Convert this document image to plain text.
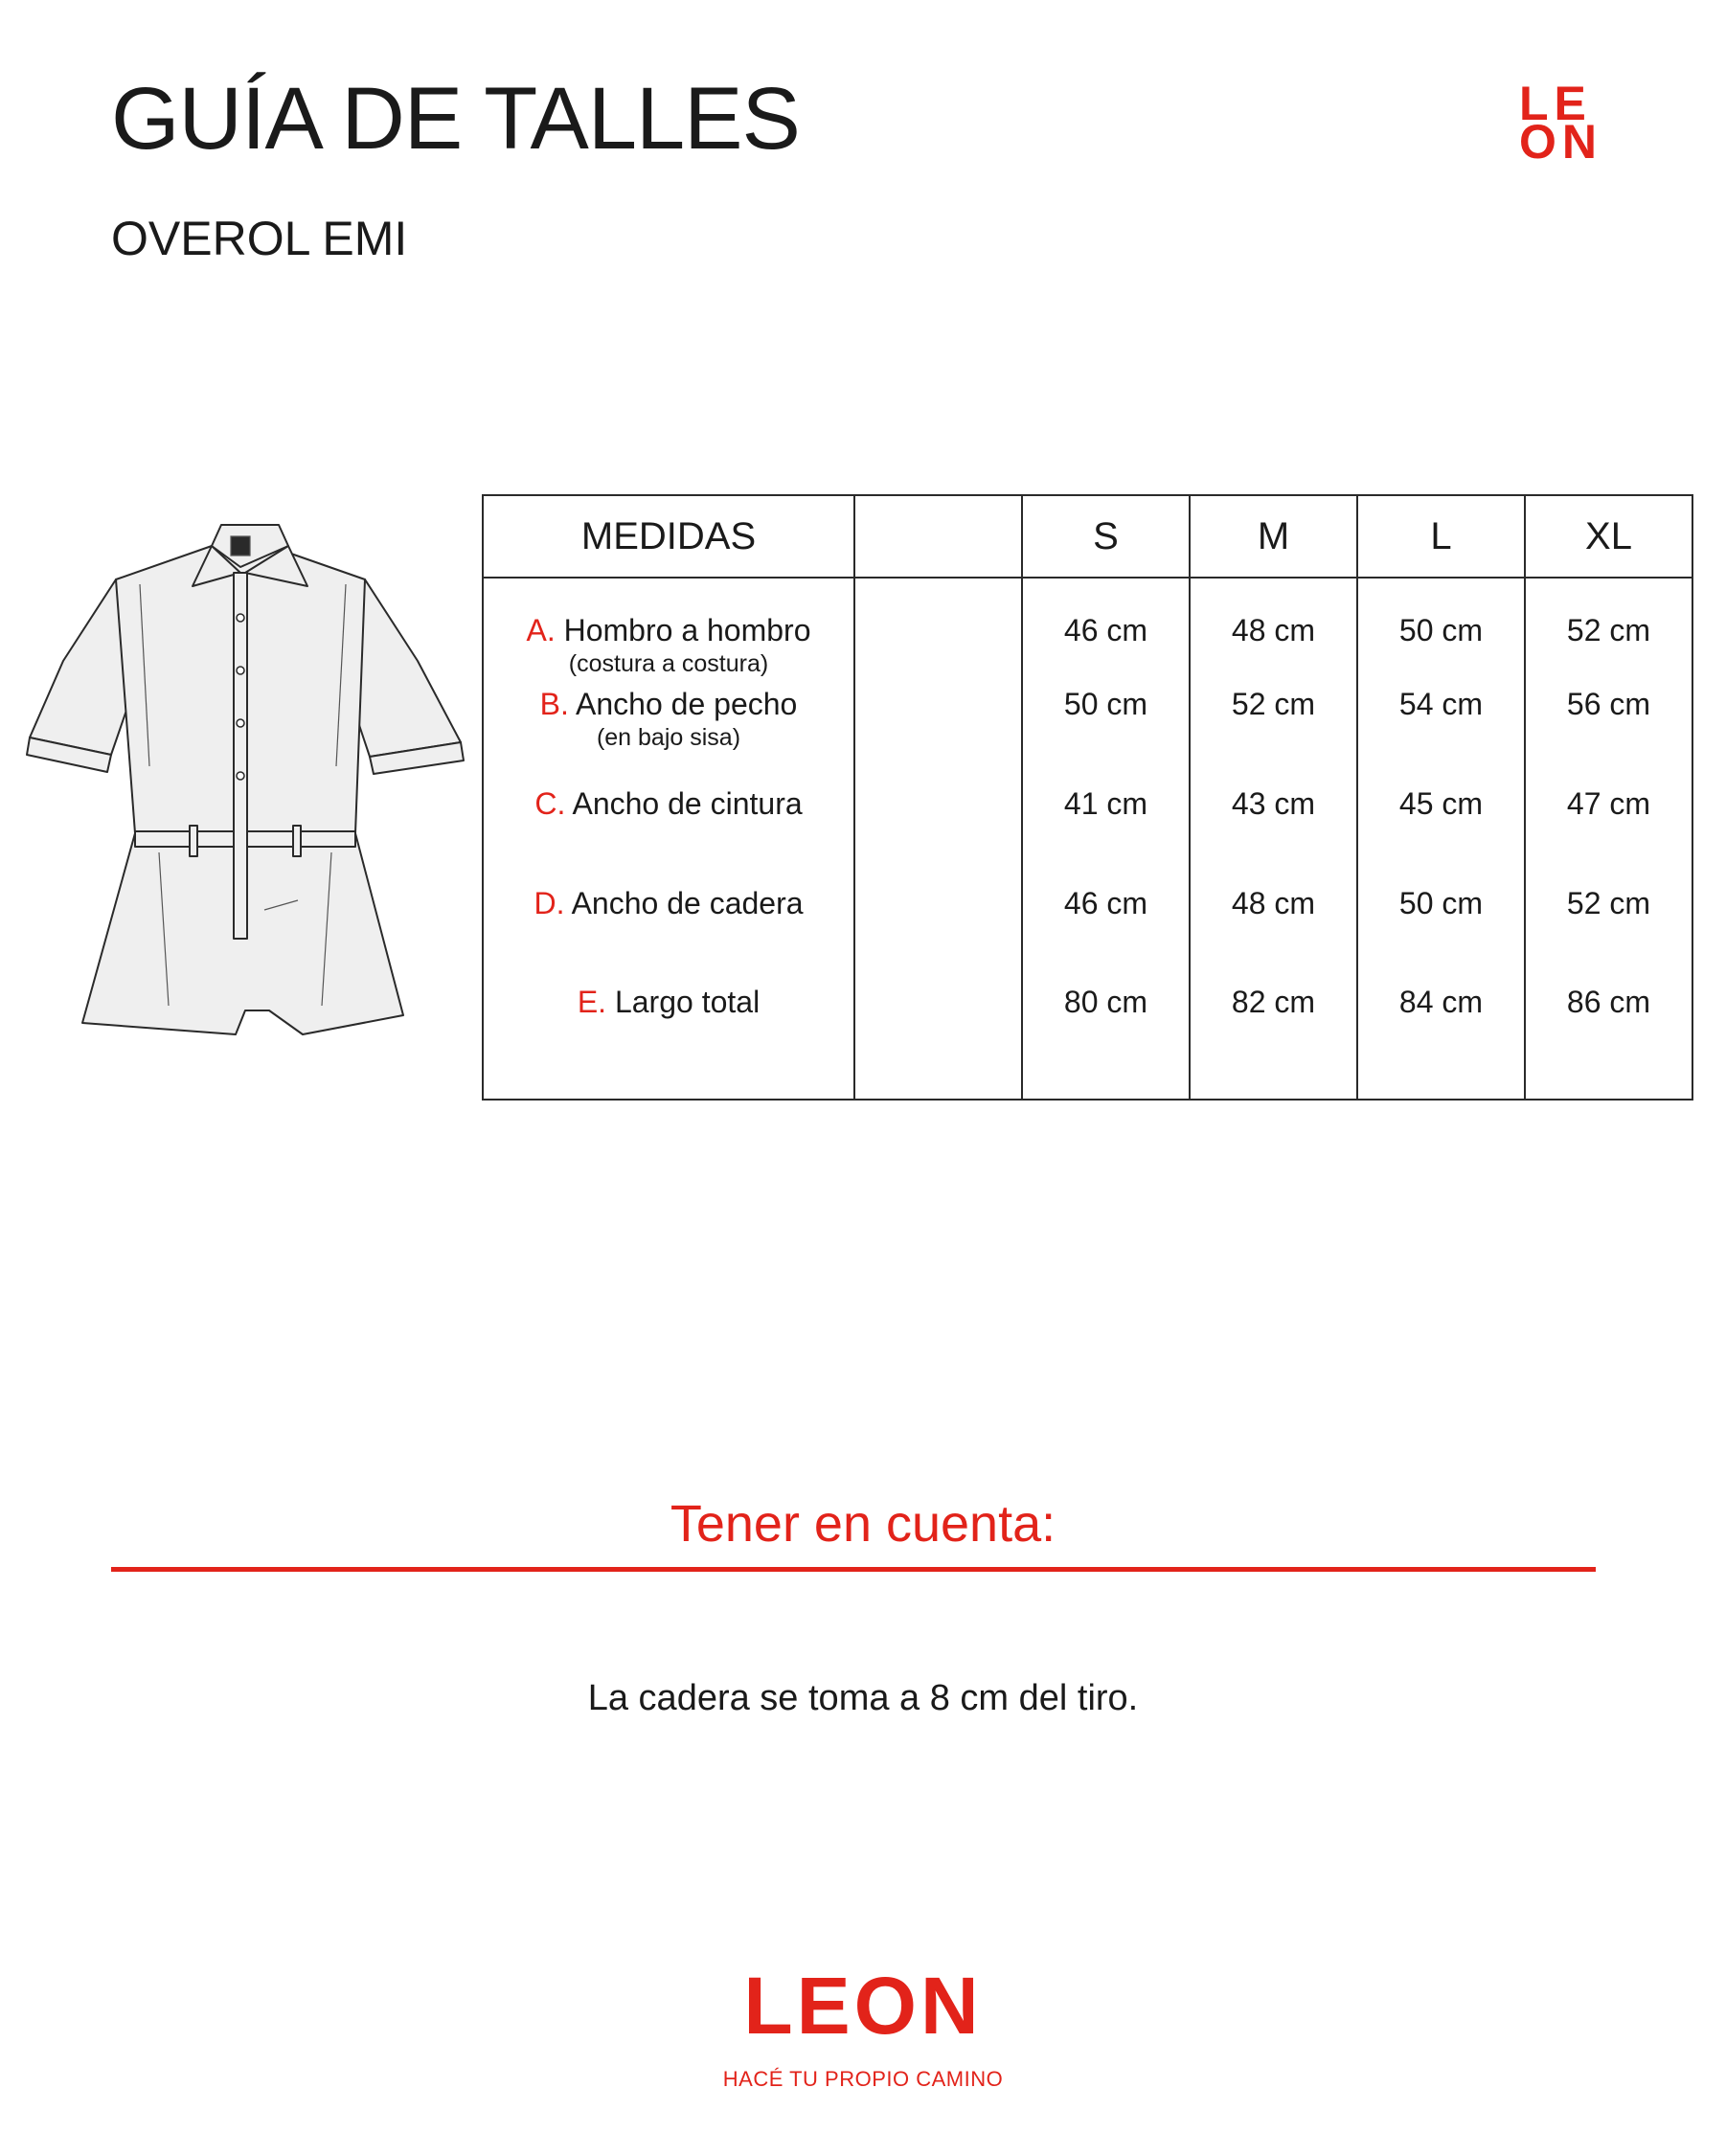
GUÍA DE TALLES
OVEROL EMI
LE
ON
MEDIDAS		S	M	L	XL
A. Hombro a hombro
(costura a costura)		46 cm	48 cm	50 cm	52 cm
B. Ancho de pecho
(en bajo sisa)		50 cm	52 cm	54 cm	56 cm
C. Ancho de cintura		41 cm	43 cm	45 cm	47 cm
D. Ancho de cadera		46 cm	48 cm	50 cm	52 cm
E. Largo total		80 cm	82 cm	84 cm	86 cm
Tener en cuenta:
La cadera se toma a 8 cm del tiro.
LEON
HACÉ TU PROPIO CAMINO
